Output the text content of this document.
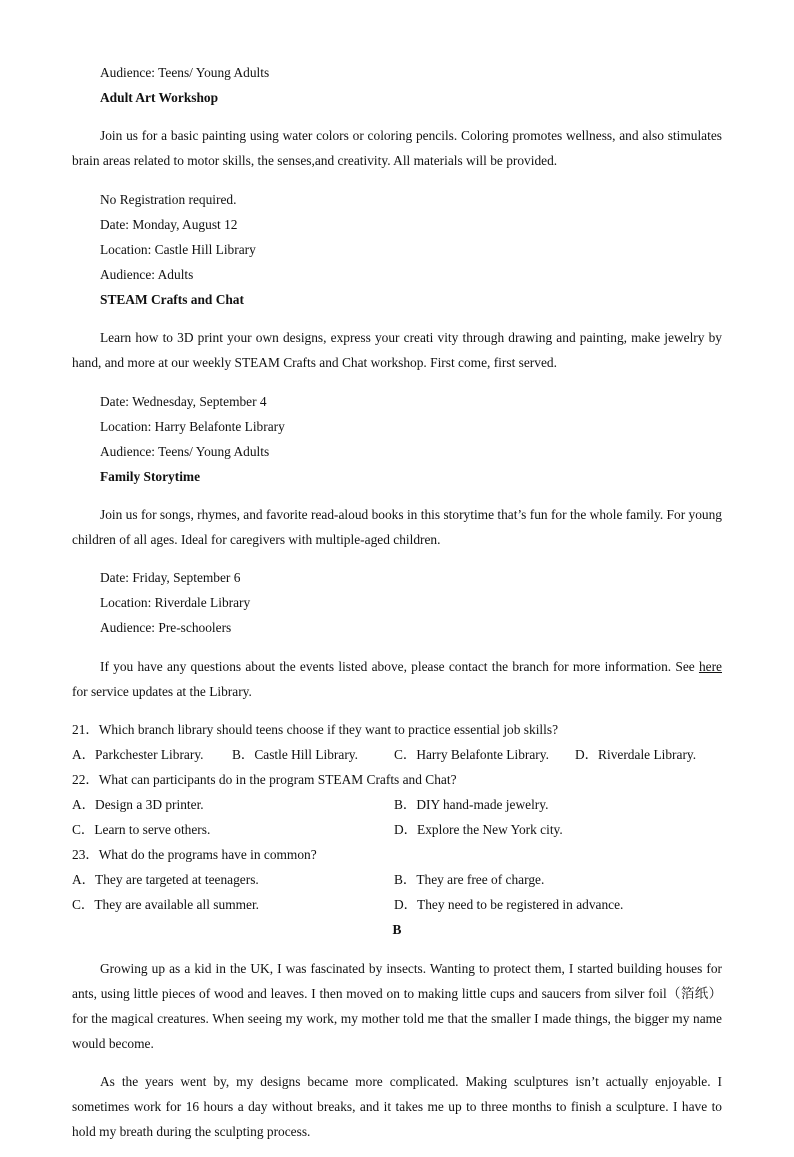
Audience: Teens/ Young Adults

Adult Art Workshop

Join us for a basic painting using water colors or coloring pencils. Coloring promotes wellness, and also stimulates brain areas related to motor skills, the senses,and creativity. All materials will be provided.

No Registration required.

Date: Monday, August 12

Location: Castle Hill Library

Audience: Adults

STEAM Crafts and Chat

Learn how to 3D print your own designs, express your creati vity through drawing and painting, make jewelry by hand, and more at our weekly STEAM Crafts and Chat workshop. First come, first served.

Date: Wednesday, September 4

Location: Harry Belafonte Library

Audience: Teens/ Young Adults

Family Storytime

Join us for songs, rhymes, and favorite read-aloud books in this storytime that’s fun for the whole family. For young children of all ages. Ideal for caregivers with multiple-aged children.

Date: Friday, September 6

Location: Riverdale Library

Audience: Pre-schoolers

If you have any questions about the events listed above, please contact the branch for more information. See here for service updates at the Library.

21．Which branch library should teens choose if they want to practice essential job skills?

A．Parkchester Library.	B．Castle Hill Library.	C．Harry Belafonte Library.	D．Riverdale Library.

22．What can participants do in the program STEAM Crafts and Chat?

A．Design a 3D printer.	B．DIY hand-made jewelry.
C．Learn to serve others.	D．Explore the New York city.

23．What do the programs have in common?

A．They are targeted at teenagers.	B．They are free of charge.
C．They are available all summer.	D．They need to be registered in advance.

B

Growing up as a kid in the UK, I was fascinated by insects. Wanting to protect them, I started building houses for ants, using little pieces of wood and leaves. I then moved on to making little cups and saucers from silver foil（箔纸） for the magical creatures. When seeing my work, my mother told me that the smaller I made things, the bigger my name would become.

As the years went by, my designs became more complicated. Making sculptures isn’t actually enjoyable. I sometimes work for 16 hours a day without breaks, and it takes me up to three months to finish a sculpture. I have to hold my breath during the sculpting process.
